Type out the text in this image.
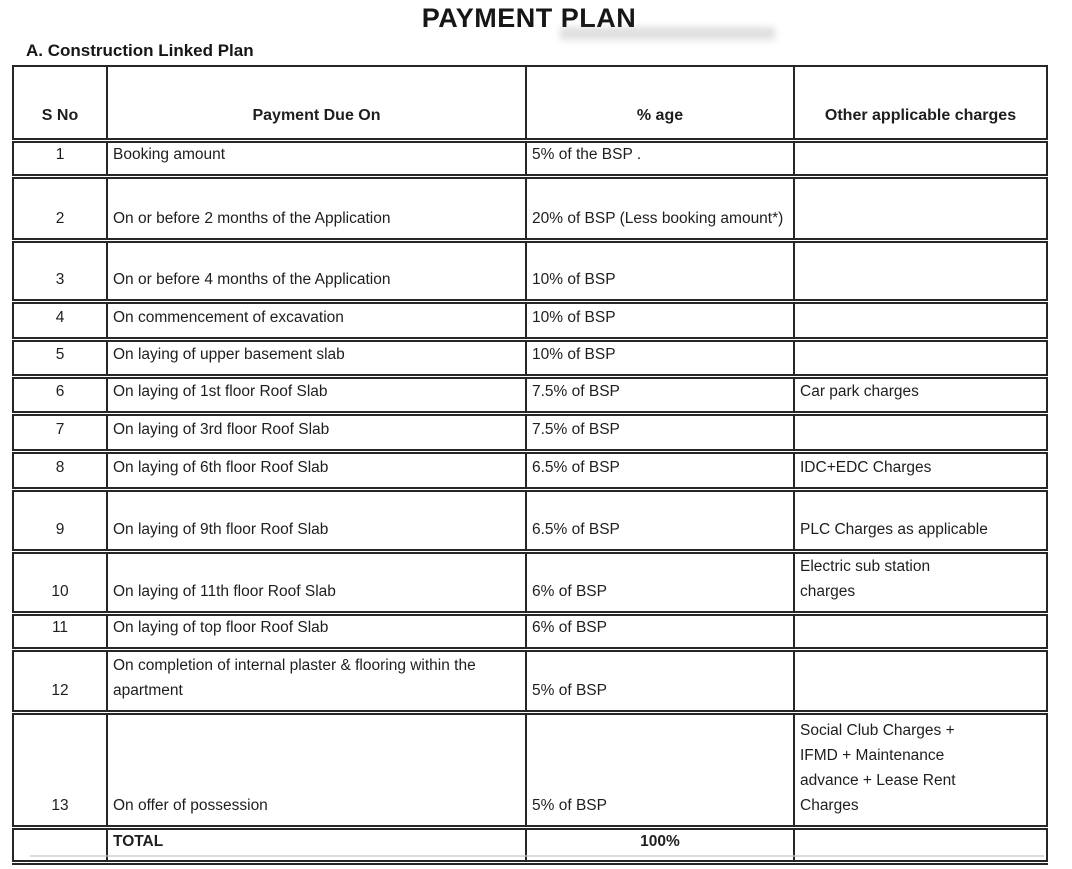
PAYMENT PLAN
A. Construction Linked Plan
S No	Payment Due On	% age	Other applicable charges
1	Booking amount	5% of the BSP .	
2	On or before 2 months of the Application	20% of BSP (Less booking amount*)	
3	On or before 4 months of the Application	10% of BSP	
4	On commencement of excavation	10% of BSP	
5	On laying of upper basement slab	10% of BSP	
6	On laying of 1st floor Roof Slab	7.5% of BSP	Car park charges
7	On laying of 3rd floor Roof Slab	7.5% of BSP	
8	On laying of 6th floor Roof Slab	6.5% of BSP	IDC+EDC Charges
9	On laying of 9th floor Roof Slab	6.5% of BSP	PLC Charges as applicable
10	On laying of 11th floor Roof Slab	6% of BSP	Electric sub station charges
11	On laying of top floor Roof Slab	6% of BSP	
12	On completion of internal plaster & flooring within the apartment	5% of BSP	
13	On offer of possession	5% of BSP	Social Club Charges + IFMD + Maintenance advance + Lease Rent Charges
	TOTAL	100%	
